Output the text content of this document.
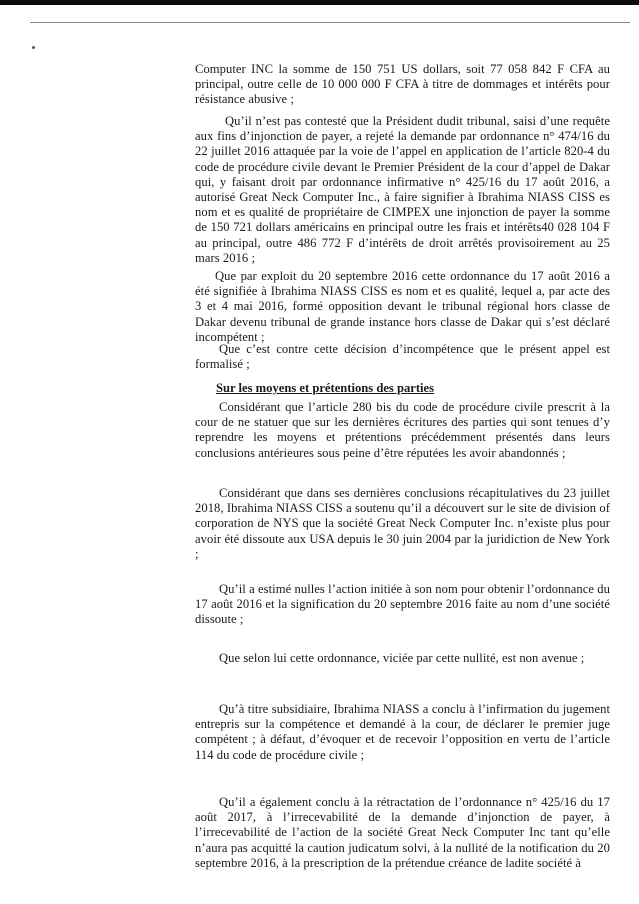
Computer INC la somme de 150 751 US dollars, soit 77 058 842 F CFA au principal, outre celle de 10 000 000 F CFA à titre de dommages et intérêts pour résistance abusive ;
Qu’il n’est pas contesté que la Président dudit tribunal, saisi d’une requête aux fins d’injonction de payer, a rejeté la demande par ordonnance n° 474/16 du 22 juillet 2016 attaquée par la voie de l’appel en application de l’article 820-4 du code de procédure civile devant le Premier Président de la cour d’appel de Dakar qui, y faisant droit par ordonnance infirmative n° 425/16 du 17 août 2016, a autorisé Great Neck Computer Inc., à faire signifier à Ibrahima NIASS CISS es nom et es qualité de propriétaire de CIMPEX une injonction de payer la somme de 150 721 dollars américains en principal outre les frais et intérêts40 028 104 F au principal, outre 486 772 F d’intérêts de droit arrêtés provisoirement au 25 mars 2016 ;
Que par exploit du 20 septembre 2016 cette ordonnance du 17 août 2016 a été signifiée à Ibrahima NIASS CISS es nom et es qualité, lequel a, par acte des 3 et 4 mai 2016, formé opposition devant le tribunal régional hors classe de Dakar devenu tribunal de grande instance hors classe de Dakar qui s’est déclaré incompétent ;
Que c’est contre cette décision d’incompétence que le présent appel est formalisé ;
Sur les moyens et prétentions des parties
Considérant que l’article 280 bis du code de procédure civile prescrit à la cour de ne statuer que sur les dernières écritures des parties qui sont tenues d’y reprendre les moyens et prétentions précédemment présentés dans leurs conclusions antérieures sous peine d’être réputées les avoir abandonnés ;
Considérant que dans ses dernières conclusions récapitulatives du 23 juillet 2018, Ibrahima NIASS CISS a soutenu qu’il a découvert sur le site de division of corporation de NYS que la société Great Neck Computer Inc. n’existe plus pour avoir été dissoute aux USA depuis le 30 juin 2004 par la juridiction de New York ;
Qu’il a estimé nulles l’action initiée à son nom pour obtenir l’ordonnance du 17 août 2016 et la signification du 20 septembre 2016 faite au nom d’une société dissoute ;
Que selon lui cette ordonnance, viciée par cette nullité, est non avenue ;
Qu’à titre subsidiaire, Ibrahima NIASS a conclu à l’infirmation du jugement entrepris sur la compétence et demandé à la cour, de déclarer le premier juge compétent ; à défaut, d’évoquer et de recevoir l’opposition en vertu de l’article 114 du code de procédure civile ;
Qu’il a également conclu à la rétractation de l’ordonnance n° 425/16 du 17 août 2017, à l’irrecevabilité de la demande d’injonction de payer, à l’irrecevabilité de l’action de la société Great Neck Computer Inc tant qu’elle n’aura pas acquitté la caution judicatum solvi, à la nullité de la notification du 20 septembre 2016, à la prescription de la prétendue créance de ladite société à
